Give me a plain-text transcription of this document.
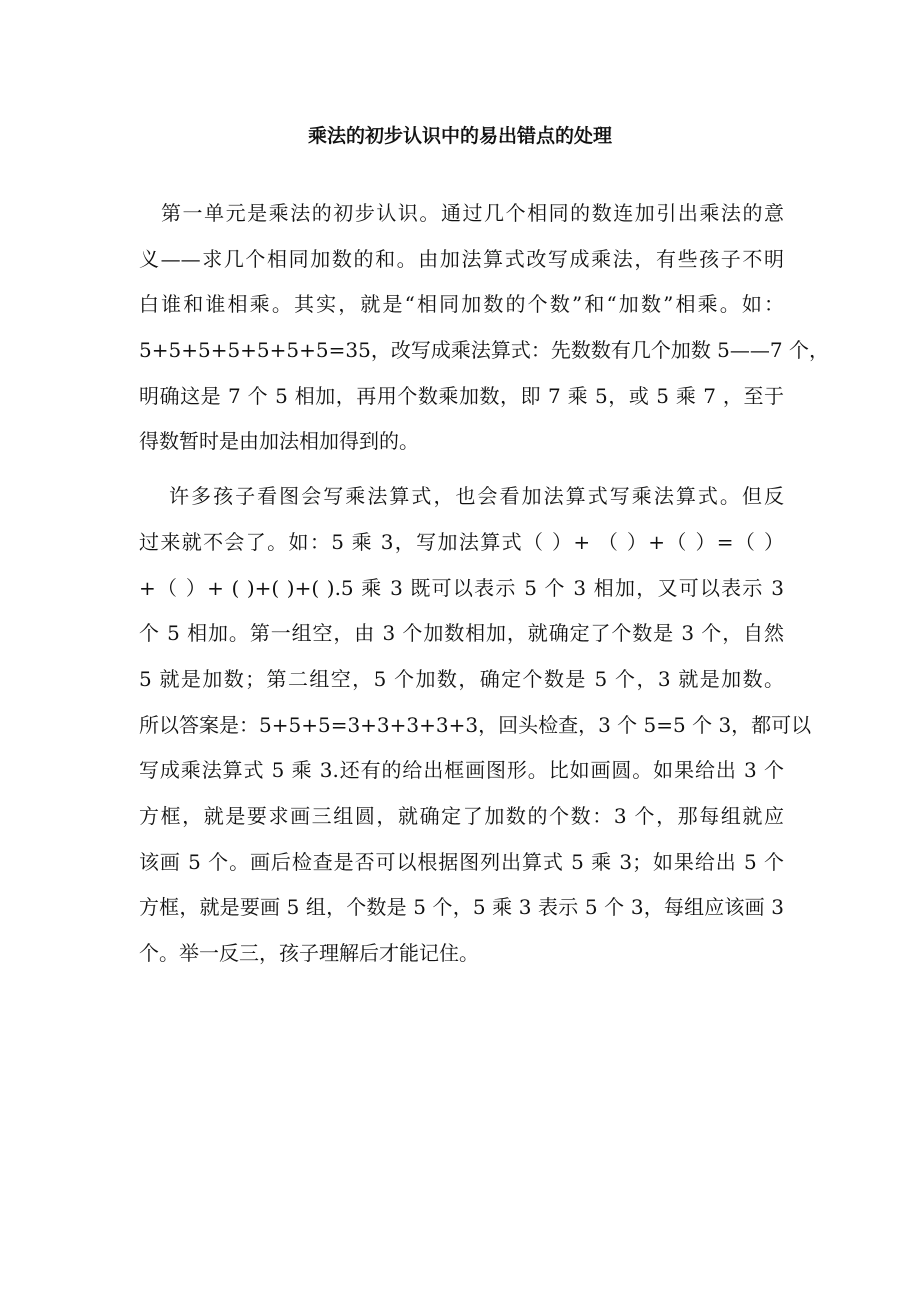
乘法的初步认识中的易出错点的处理

第一单元是乘法的初步认识。通过几个相同的数连加引出乘法的意

义——求几个相同加数的和。由加法算式改写成乘法，有些孩子不明

白谁和谁相乘。其实，就是“相同加数的个数”和“加数”相乘。如：

5+5+5+5+5+5+5=35，改写成乘法算式：先数数有几个加数 5——7 个，

明确这是 7 个 5 相加，再用个数乘加数，即 7 乘 5，或 5 乘 7 ，至于

得数暂时是由加法相加得到的。

许多孩子看图会写乘法算式，也会看加法算式写乘法算式。但反

过来就不会了。如：5 乘 3，写加法算式（ ）+ （ ）+（ ）=（ ）

+（ ）+ ( )+( )+( ).5 乘 3 既可以表示 5 个 3 相加，又可以表示 3

个 5 相加。第一组空，由 3 个加数相加，就确定了个数是 3 个，自然

5 就是加数；第二组空，5 个加数，确定个数是 5 个，3 就是加数。

所以答案是：5+5+5=3+3+3+3+3，回头检查，3 个 5=5 个 3，都可以

写成乘法算式 5 乘 3.还有的给出框画图形。比如画圆。如果给出 3 个

方框，就是要求画三组圆，就确定了加数的个数：3 个，那每组就应

该画 5 个。画后检查是否可以根据图列出算式 5 乘 3；如果给出 5 个

方框，就是要画 5 组，个数是 5 个，5 乘 3 表示 5 个 3，每组应该画 3

个。举一反三，孩子理解后才能记住。
